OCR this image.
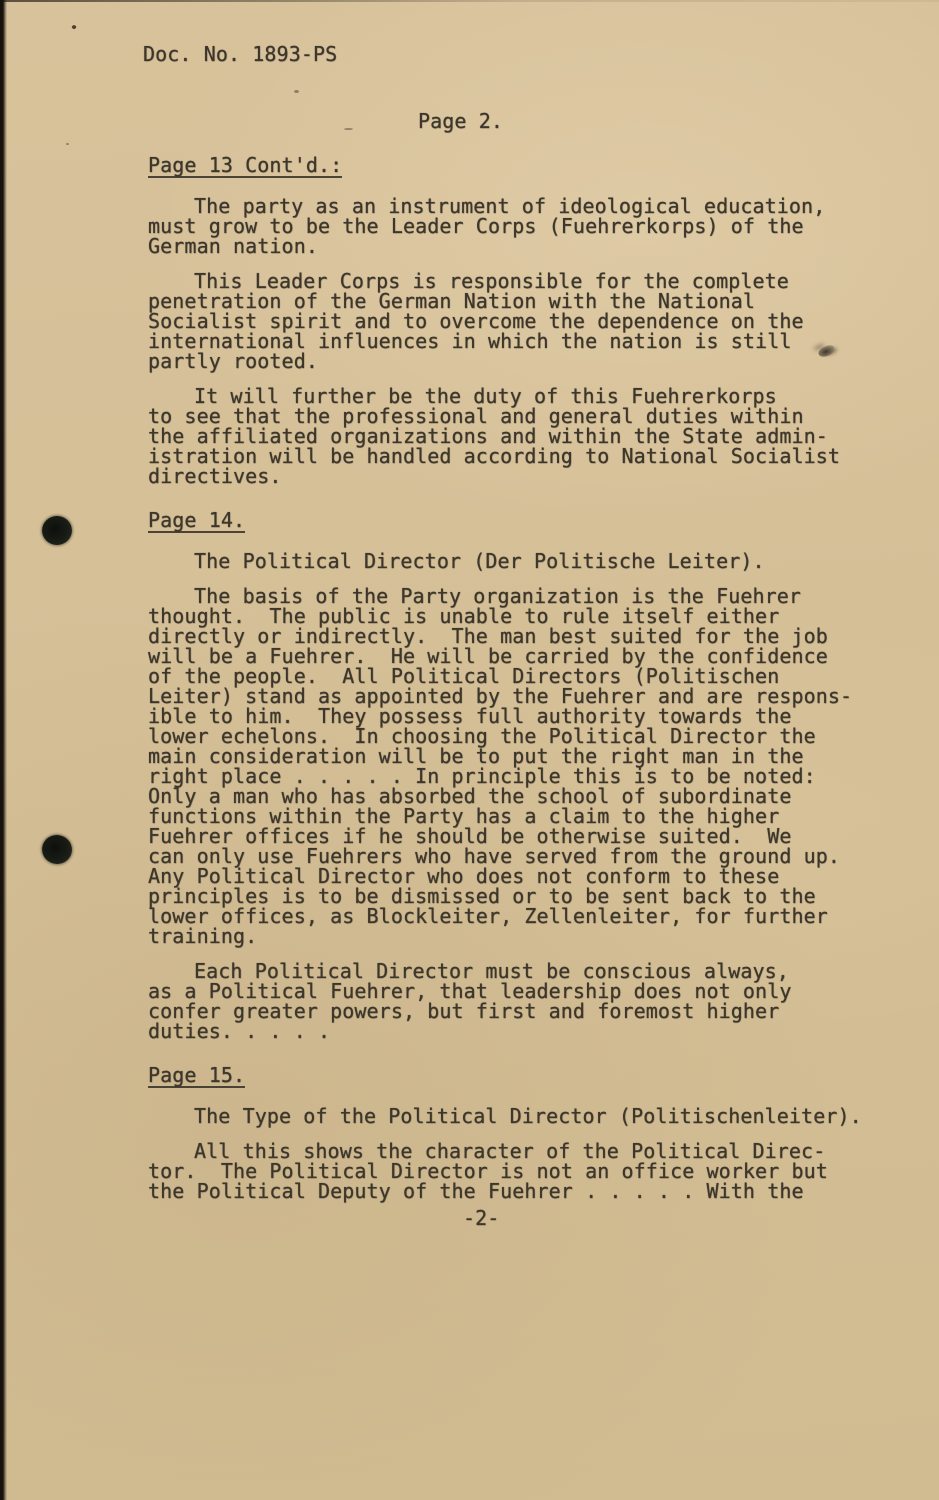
Doc. No. 1893-PS
Page 2.
Page 13 Cont'd.:
The party as an instrument of ideological education,
must grow to be the Leader Corps (Fuehrerkorps) of the
German nation.
This Leader Corps is responsible for the complete
penetration of the German Nation with the National
Socialist spirit and to overcome the dependence on the
international influences in which the nation is still
partly rooted.
It will further be the duty of this Fuehrerkorps
to see that the professional and general duties within
the affiliated organizations and within the State admin-
istration will be handled according to National Socialist
directives.
Page 14.
The Political Director (Der Politische Leiter).
The basis of the Party organization is the Fuehrer
thought.  The public is unable to rule itself either
directly or indirectly.  The man best suited for the job
will be a Fuehrer.  He will be carried by the confidence
of the people.  All Political Directors (Politischen
Leiter) stand as appointed by the Fuehrer and are respons-
ible to him.  They possess full authority towards the
lower echelons.  In choosing the Political Director the
main consideration will be to put the right man in the
right place . . . . . In principle this is to be noted:
Only a man who has absorbed the school of subordinate
functions within the Party has a claim to the higher
Fuehrer offices if he should be otherwise suited.  We
can only use Fuehrers who have served from the ground up.
Any Political Director who does not conform to these
principles is to be dismissed or to be sent back to the
lower offices, as Blockleiter, Zellenleiter, for further
training.
Each Political Director must be conscious always,
as a Political Fuehrer, that leadership does not only
confer greater powers, but first and foremost higher
duties. . . . .
Page 15.
The Type of the Political Director (Politischenleiter).
All this shows the character of the Political Direc-
tor.  The Political Director is not an office worker but
the Political Deputy of the Fuehrer . . . . . With the
-2-
